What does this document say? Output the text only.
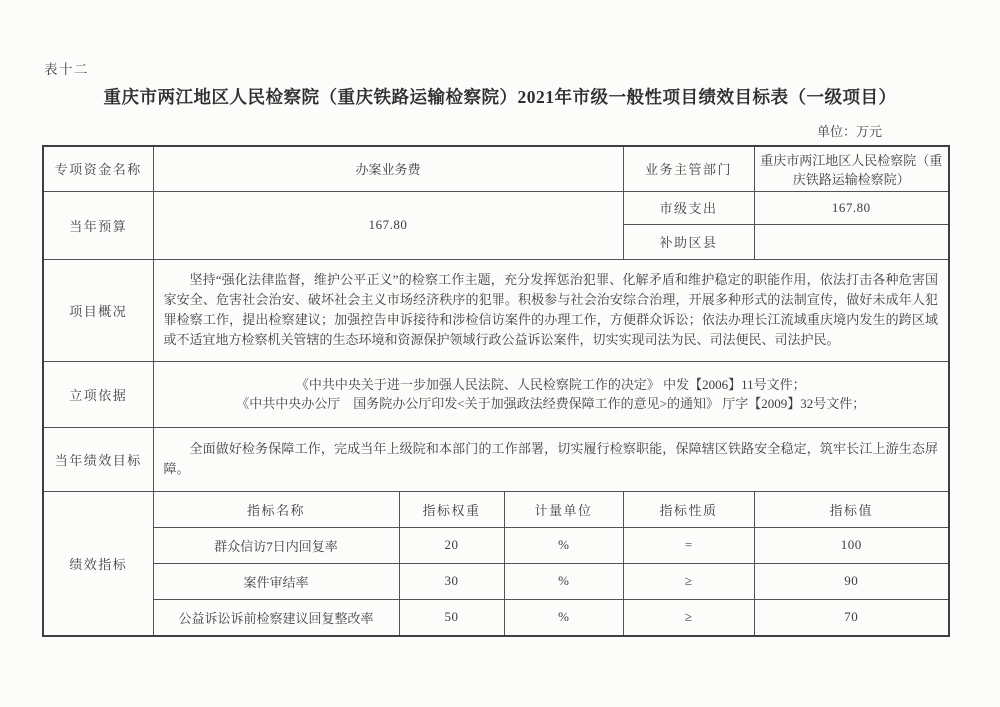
表十二
重庆市两江地区人民检察院（重庆铁路运输检察院）2021年市级一般性项目绩效目标表（一级项目）
单位：万元
专项资金名称	办案业务费			业务主管部门	重庆市两江地区人民检察院（重庆铁路运输检察院）
当年预算	167.80			市级支出	167.80
				补助区县	
项目概况	坚持“强化法律监督，维护公平正义”的检察工作主题，充分发挥惩治犯罪、化解矛盾和维护稳定的职能作用，依法打击各种危害国家安全、危害社会治安、破坏社会主义市场经济秩序的犯罪。积极参与社会治安综合治理，开展多种形式的法制宣传，做好未成年人犯罪检察工作，提出检察建议；加强控告申诉接待和涉检信访案件的办理工作，方便群众诉讼；依法办理长江流域重庆境内发生的跨区域或不适宜地方检察机关管辖的生态环境和资源保护领域行政公益诉讼案件，切实实现司法为民、司法便民、司法护民。				

立项依据	《中共中央关于进一步加强人民法院、人民检察院工作的决定》 中发【2006】11号文件；
《中共中央办公厅　国务院办公厅印发<关于加强政法经费保障工作的意见>的通知》 厅字【2009】32号文件；				

当年绩效目标	全面做好检务保障工作，完成当年上级院和本部门的工作部署，切实履行检察职能，保障辖区铁路安全稳定，筑牢长江上游生态屏障。				

绩效指标	指标名称	指标权重	计量单位	指标性质	指标值
	群众信访7日内回复率	20	%	=	100
	案件审结率	30	%	≥	90
	公益诉讼诉前检察建议回复整改率	50	%	≥	70
